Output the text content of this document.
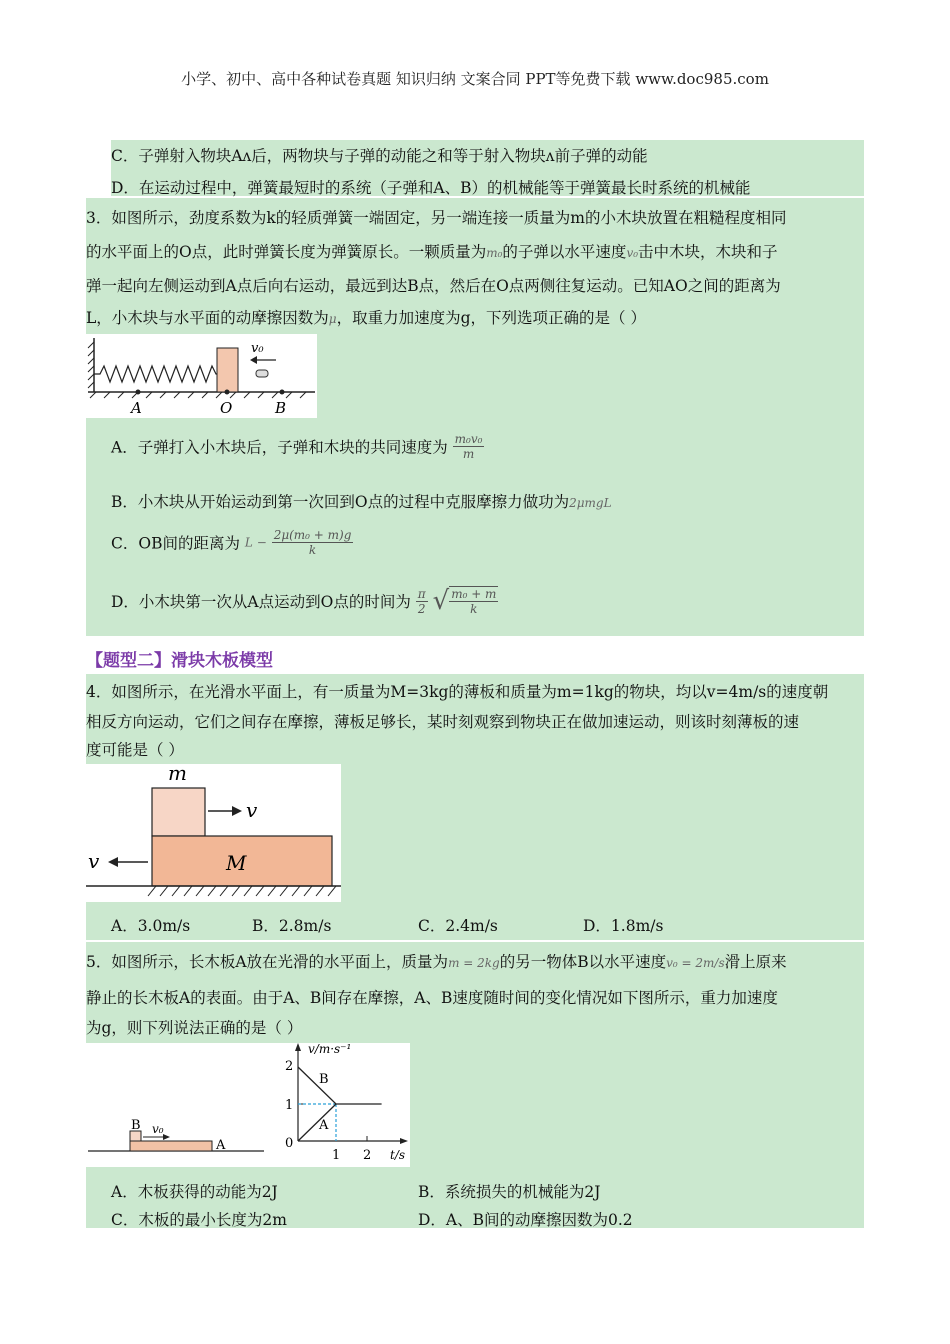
小学、初中、高中各种试卷真题 知识归纳 文案合同 PPT等免费下载 www.doc985.com
C．子弹射入物块Aʌ后，两物块与子弹的动能之和等于射入物块ʌ前子弹的动能
D．在运动过程中，弹簧最短时的系统（子弹和A、B）的机械能等于弹簧最长时系统的机械能
3．如图所示，劲度系数为k的轻质弹簧一端固定，另一端连接一质量为m的小木块放置在粗糙程度相同
的水平面上的O点，此时弹簧长度为弹簧原长。一颗质量为m₀的子弹以水平速度v₀击中木块，木块和子
弹一起向左侧运动到A点后向右运动，最远到达B点，然后在O点两侧往复运动。已知AO之间的距离为
L，小木块与水平面的动摩擦因数为μ，取重力加速度为g，下列选项正确的是（ ）
v₀
A	O	B
A．子弹打入小木块后，子弹和木块的共同速度为 $\frac{\text{m₀v₀}}{m}$
B．小木块从开始运动到第一次回到O点的过程中克服摩擦力做功为2μmgL
C．OB间的距离为 $L - \frac{\text{2μ(m₀ + m)g}}{k}$
D．小木块第一次从A点运动到O点的时间为 $\frac{\pi}{2}$ √ $\frac{\text{m₀ + m}}{k}$
【题型二】滑块木板模型
4．如图所示，在光滑水平面上，有一质量为M=3kg的薄板和质量为m=1kg的物块，均以v=4m/s的速度朝
相反方向运动，它们之间存在摩擦，薄板足够长，某时刻观察到物块正在做加速运动，则该时刻薄板的速
度可能是（ ）
m
v
M
v
A．3.0m/s	B．2.8m/s	C．2.4m/s	D．1.8m/s
5．如图所示，长木板A放在光滑的水平面上，质量为m = 2kg的另一物体B以水平速度v₀ = 2m/s滑上原来
静止的长木板A的表面。由于A、B间存在摩擦，A、B速度随时间的变化情况如下图所示，重力加速度
为g，则下列说法正确的是（ ）
B v₀
A
v/m·s⁻¹
t/s
2
1
0
1 2
B
A
A．木板获得的动能为2J	B．系统损失的机械能为2J
C．木板的最小长度为2m	D．A、B间的动摩擦因数为0.2
